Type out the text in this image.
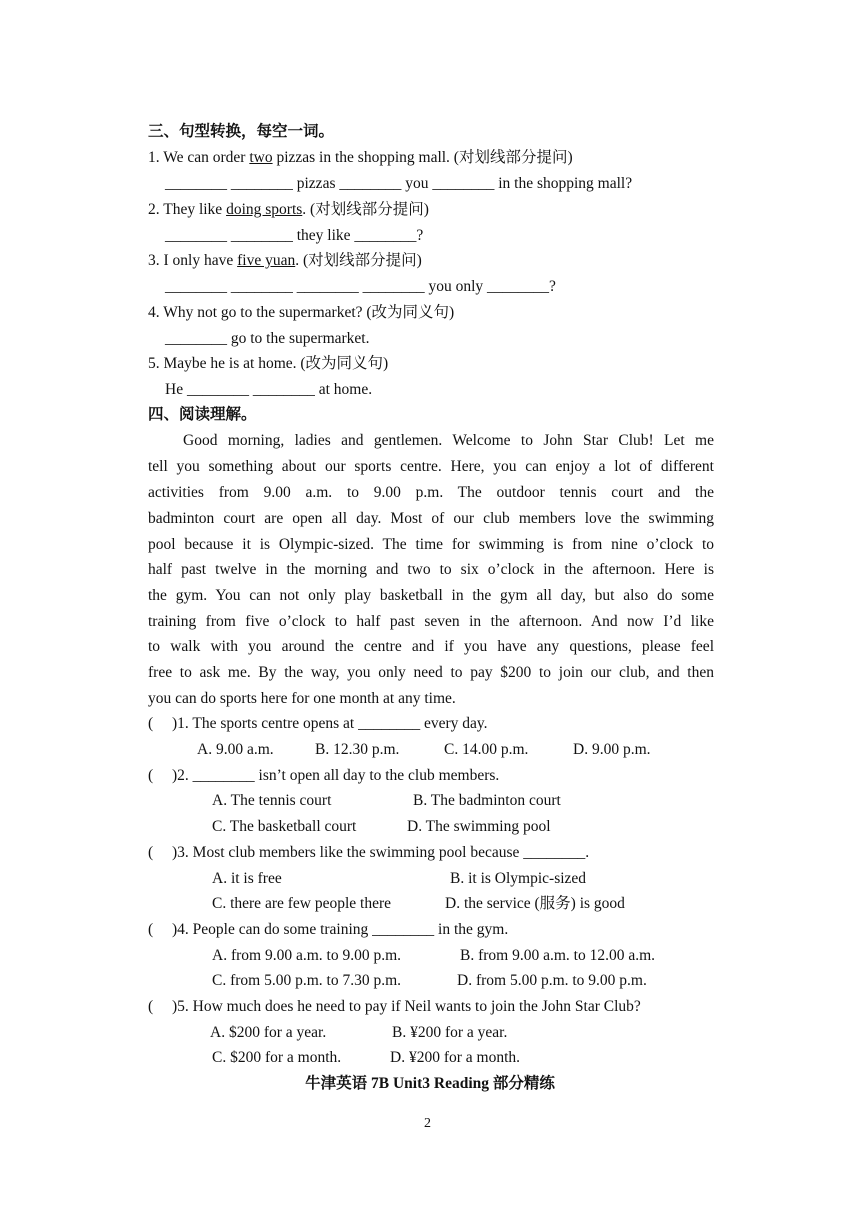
三、句型转换，每空一词。
1. We can order two pizzas in the shopping mall. (对划线部分提问)
________ ________ pizzas ________ you ________ in the shopping mall?
2. They like doing sports. (对划线部分提问)
________ ________ they like ________?
3. I only have five yuan. (对划线部分提问)
________ ________ ________ ________ you only ________?
4. Why not go to the supermarket? (改为同义句)
________ go to the supermarket.
5. Maybe he is at home. (改为同义句)
He ________ ________ at home.
四、阅读理解。
Good morning, ladies and gentlemen. Welcome to John Star Club! Let me
tell you something about our sports centre. Here, you can enjoy a lot of different
activities from 9.00 a.m. to 9.00 p.m. The outdoor tennis court and the
badminton court are open all day. Most of our club members love the swimming
pool because it is Olympic-sized. The time for swimming is from nine o’clock to
half past twelve in the morning and two to six o’clock in the afternoon. Here is
the gym. You can not only play basketball in the gym all day, but also do some
training from five o’clock to half past seven in the afternoon. And now I’d like
to walk with you around the centre and if you have any questions, please feel
free to ask me. By the way, you only need to pay $200 to join our club, and then
you can do sports here for one month at any time.
( )1. The sports centre opens at ________ every day.
A. 9.00 a.m.	B. 12.30 p.m.	C. 14.00 p.m.	D. 9.00 p.m.
( )2. ________ isn’t open all day to the club members.
A. The tennis court	B. The badminton court
C. The basketball court	D. The swimming pool
( )3. Most club members like the swimming pool because ________.
A. it is free	B. it is Olympic-sized
C. there are few people there	D. the service (服务) is good
( )4. People can do some training ________ in the gym.
A. from 9.00 a.m. to 9.00 p.m.	B. from 9.00 a.m. to 12.00 a.m.
C. from 5.00 p.m. to 7.30 p.m.	D. from 5.00 p.m. to 9.00 p.m.
( )5. How much does he need to pay if Neil wants to join the John Star Club?
A. $200 for a year.	B. ¥200 for a year.
C. $200 for a month.	D. ¥200 for a month.
牛津英语 7B Unit3 Reading 部分精练
2
